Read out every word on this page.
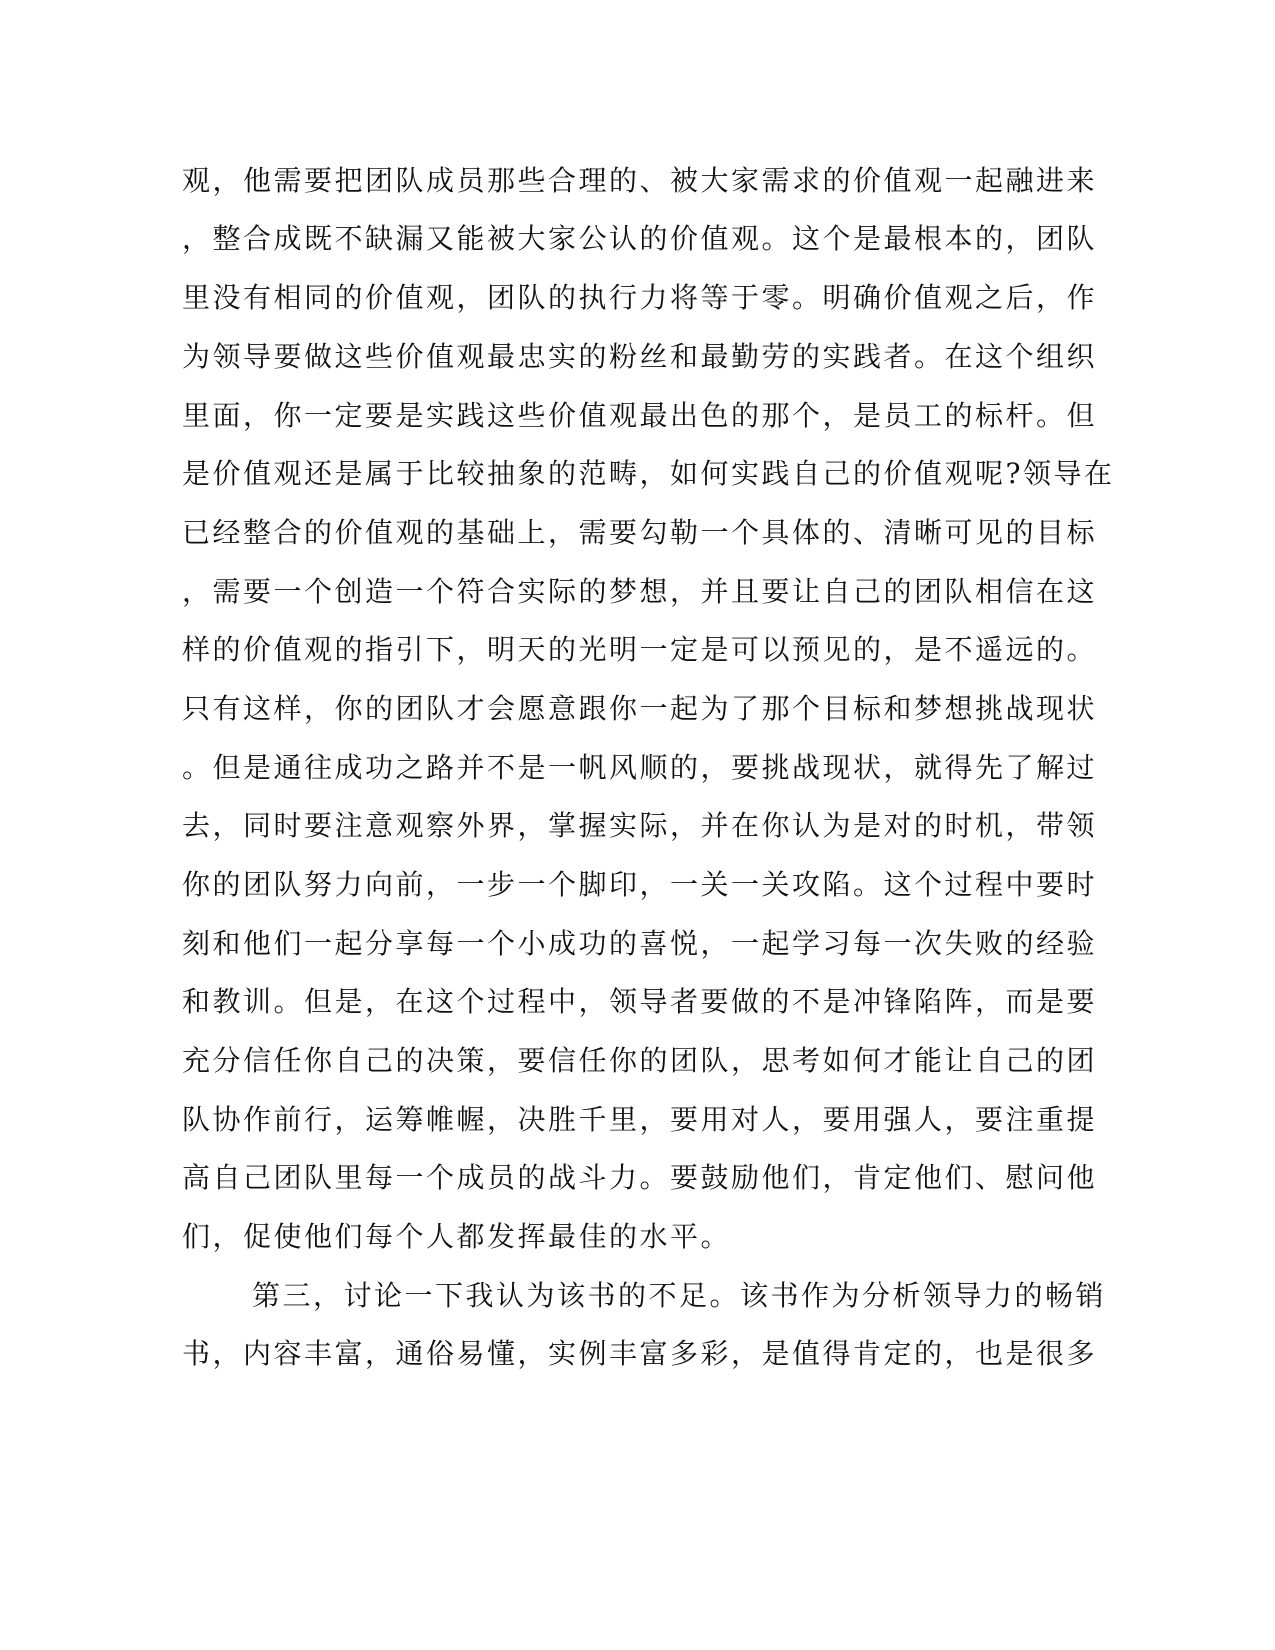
观，他需要把团队成员那些合理的、被大家需求的价值观一起融进来
，整合成既不缺漏又能被大家公认的价值观。这个是最根本的，团队
里没有相同的价值观，团队的执行力将等于零。明确价值观之后，作
为领导要做这些价值观最忠实的粉丝和最勤劳的实践者。在这个组织
里面，你一定要是实践这些价值观最出色的那个，是员工的标杆。但
是价值观还是属于比较抽象的范畴，如何实践自己的价值观呢?领导在
已经整合的价值观的基础上，需要勾勒一个具体的、清晰可见的目标
，需要一个创造一个符合实际的梦想，并且要让自己的团队相信在这
样的价值观的指引下，明天的光明一定是可以预见的，是不遥远的。
只有这样，你的团队才会愿意跟你一起为了那个目标和梦想挑战现状
。但是通往成功之路并不是一帆风顺的，要挑战现状，就得先了解过
去，同时要注意观察外界，掌握实际，并在你认为是对的时机，带领
你的团队努力向前，一步一个脚印，一关一关攻陷。这个过程中要时
刻和他们一起分享每一个小成功的喜悦，一起学习每一次失败的经验
和教训。但是，在这个过程中，领导者要做的不是冲锋陷阵，而是要
充分信任你自己的决策，要信任你的团队，思考如何才能让自己的团
队协作前行，运筹帷幄，决胜千里，要用对人，要用强人，要注重提
高自己团队里每一个成员的战斗力。要鼓励他们，肯定他们、慰问他
们，促使他们每个人都发挥最佳的水平。
第三，讨论一下我认为该书的不足。该书作为分析领导力的畅销
书，内容丰富，通俗易懂，实例丰富多彩，是值得肯定的，也是很多
